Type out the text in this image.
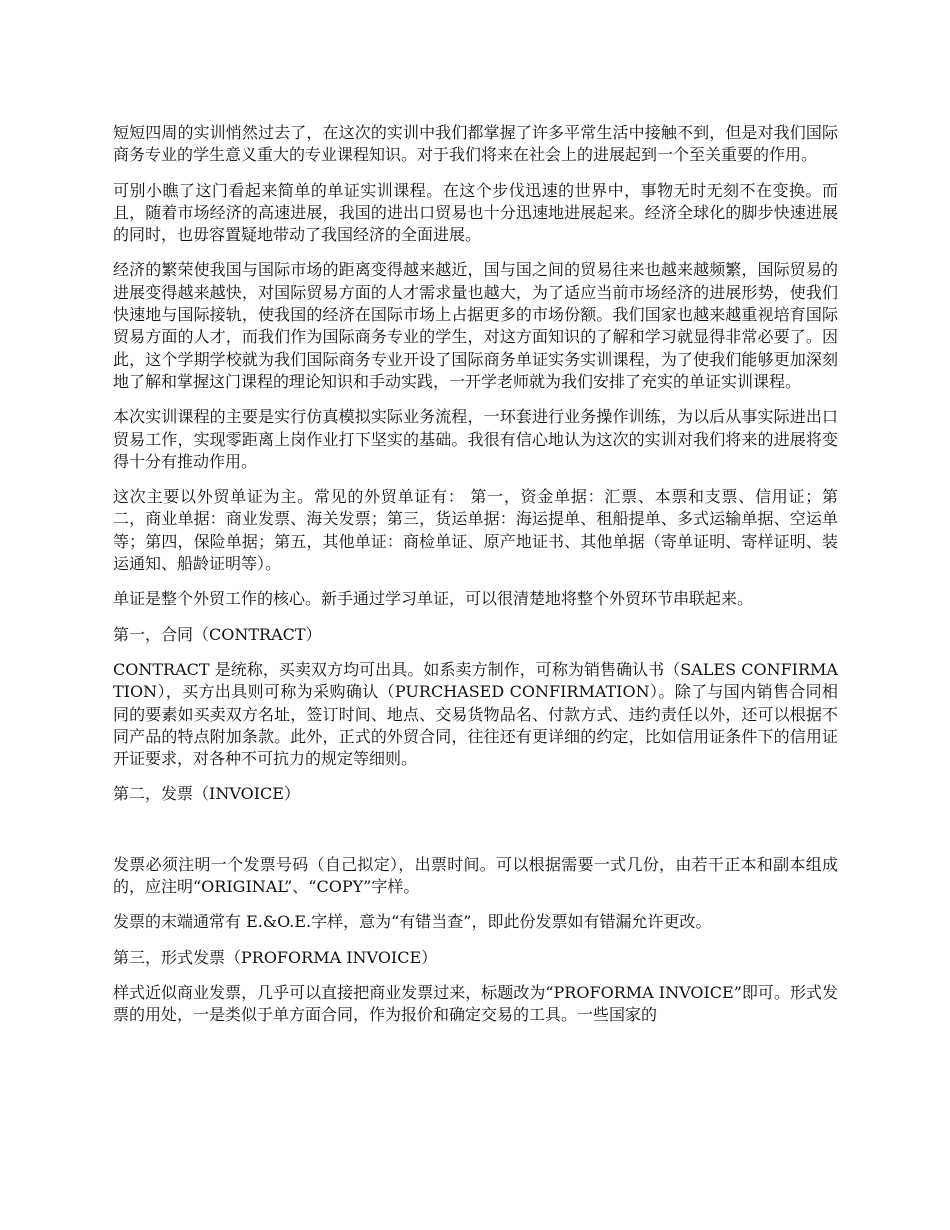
短短四周的实训悄然过去了，在这次的实训中我们都掌握了许多平常生活中接触不到，但是对我们国际商务专业的学生意义重大的专业课程知识。对于我们将来在社会上的进展起到一个至关重要的作用。

可别小瞧了这门看起来简单的单证实训课程。在这个步伐迅速的世界中，事物无时无刻不在变换。而且，随着市场经济的高速进展，我国的进出口贸易也十分迅速地进展起来。经济全球化的脚步快速进展的同时，也毋容置疑地带动了我国经济的全面进展。

经济的繁荣使我国与国际市场的距离变得越来越近，国与国之间的贸易往来也越来越频繁，国际贸易的进展变得越来越快，对国际贸易方面的人才需求量也越大，为了适应当前市场经济的进展形势，使我们快速地与国际接轨，使我国的经济在国际市场上占据更多的市场份额。我们国家也越来越重视培育国际贸易方面的人才，而我们作为国际商务专业的学生，对这方面知识的了解和学习就显得非常必要了。因此，这个学期学校就为我们国际商务专业开设了国际商务单证实务实训课程，为了使我们能够更加深刻地了解和掌握这门课程的理论知识和手动实践，一开学老师就为我们安排了充实的单证实训课程。

本次实训课程的主要是实行仿真模拟实际业务流程，一环套进行业务操作训练，为以后从事实际进出口贸易工作，实现零距离上岗作业打下坚实的基础。我很有信心地认为这次的实训对我们将来的进展将变得十分有推动作用。

这次主要以外贸单证为主。常见的外贸单证有： 第一，资金单据：汇票、本票和支票、信用证；第二，商业单据：商业发票、海关发票；第三，货运单据：海运提单、租船提单、多式运输单据、空运单等；第四，保险单据；第五，其他单证：商检单证、原产地证书、其他单据（寄单证明、寄样证明、装运通知、船龄证明等）。

单证是整个外贸工作的核心。新手通过学习单证，可以很清楚地将整个外贸环节串联起来。

第一，合同（CONTRACT）

CONTRACT 是统称，买卖双方均可出具。如系卖方制作，可称为销售确认书（SALES CONFIRMATION），买方出具则可称为采购确认（PURCHASED CONFIRMATION）。除了与国内销售合同相同的要素如买卖双方名址，签订时间、地点、交易货物品名、付款方式、违约责任以外，还可以根据不同产品的特点附加条款。此外，正式的外贸合同，往往还有更详细的约定，比如信用证条件下的信用证开证要求，对各种不可抗力的规定等细则。

第二，发票（INVOICE）

发票必须注明一个发票号码（自己拟定），出票时间。可以根据需要一式几份，由若干正本和副本组成的，应注明“ORIGINAL”、“COPY”字样。

发票的末端通常有 E.&O.E.字样，意为“有错当查”，即此份发票如有错漏允许更改。

第三，形式发票（PROFORMA INVOICE）

样式近似商业发票，几乎可以直接把商业发票过来，标题改为“PROFORMA INVOICE”即可。形式发票的用处，一是类似于单方面合同，作为报价和确定交易的工具。一些国家的
